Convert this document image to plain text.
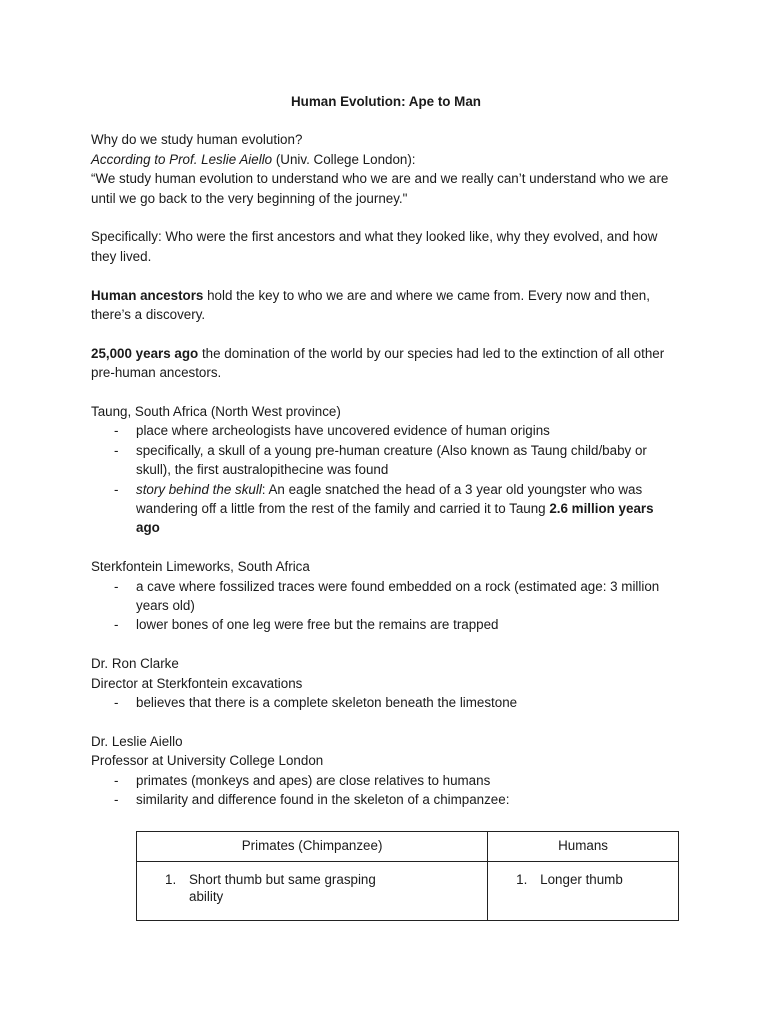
Human Evolution: Ape to Man

Why do we study human evolution?

According to Prof. Leslie Aiello (Univ. College London):

“We study human evolution to understand who we are and we really can’t understand who we are until we go back to the very beginning of the journey."

Specifically: Who were the first ancestors and what they looked like, why they evolved, and how they lived.

Human ancestors hold the key to who we are and where we came from. Every now and then, there’s a discovery.

25,000 years ago the domination of the world by our species had led to the extinction of all other pre-human ancestors.

Taung, South Africa (North West province)

- place where archeologists have uncovered evidence of human origins
- specifically, a skull of a young pre-human creature (Also known as Taung child/baby or skull), the first australopithecine was found
- story behind the skull: An eagle snatched the head of a 3 year old youngster who was wandering off a little from the rest of the family and carried it to Taung 2.6 million years ago

Sterkfontein Limeworks, South Africa

- a cave where fossilized traces were found embedded on a rock (estimated age: 3 million years old)
- lower bones of one leg were free but the remains are trapped

Dr. Ron Clarke

Director at Sterkfontein excavations

- believes that there is a complete skeleton beneath the limestone

Dr. Leslie Aiello

Professor at University College London

- primates (monkeys and apes) are close relatives to humans
- similarity and difference found in the skeleton of a chimpanzee:
Primates (Chimpanzee)	Humans
1. Short thumb but same grasping ability	1. Longer thumb
